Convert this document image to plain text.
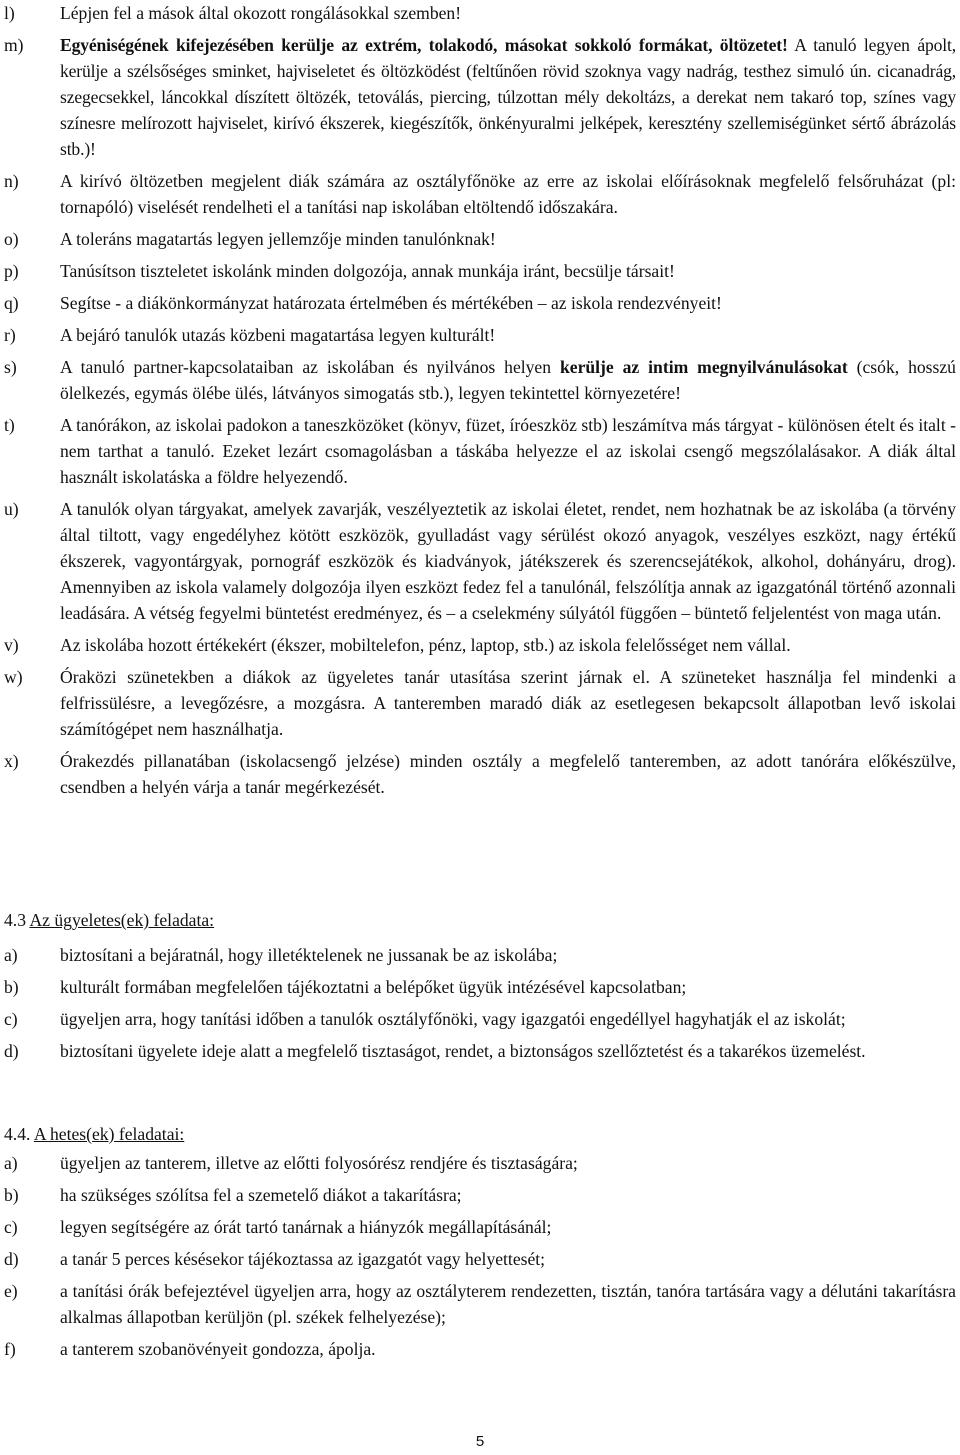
l)	Lépjen fel a mások által okozott rongálásokkal szemben!
m)	Egyéniségének kifejezésében kerülje az extrém, tolakodó, másokat sokkoló formákat, öltözetet! A tanuló legyen ápolt, kerülje a szélsőséges sminket, hajviseletet és öltözködést (feltűnően rövid szoknya vagy nadrág, testhez simuló ún. cicanadrág, szegecsekkel, láncokkal díszített öltözék, tetoválás, piercing, túlzottan mély dekoltázs, a derekat nem takaró top, színes vagy színesre melírozott hajviselet, kirívó ékszerek, kiegészítők, önkényuralmi jelképek, keresztény szellemiségünket sértő ábrázolás stb.)!
n)	A kirívó öltözetben megjelent diák számára az osztályfőnöke az erre az iskolai előírásoknak megfelelő felsőruházat (pl: tornapóló) viselését rendelheti el a tanítási nap iskolában eltöltendő időszakára.
o)	A toleráns magatartás legyen jellemzője minden tanulónknak!
p)	Tanúsítson tiszteletet iskolánk minden dolgozója, annak munkája iránt, becsülje társait!
q)	Segítse - a diákönkormányzat határozata értelmében és mértékében – az iskola rendezvényeit!
r)	A bejáró tanulók utazás közbeni magatartása legyen kulturált!
s)	A tanuló partner-kapcsolataiban az iskolában és nyilvános helyen kerülje az intim megnyilvánulásokat (csók, hosszú ölelkezés, egymás ölébe ülés, látványos simogatás stb.), legyen tekintettel környezetére!
t)	A tanórákon, az iskolai padokon a taneszközöket (könyv, füzet, íróeszköz stb) leszámítva más tárgyat - különösen ételt és italt - nem tarthat a tanuló. Ezeket lezárt csomagolásban a táskába helyezze el az iskolai csengő megszólalásakor. A diák által használt iskolatáska a földre helyezendő.
u)	A tanulók olyan tárgyakat, amelyek zavarják, veszélyeztetik az iskolai életet, rendet, nem hozhatnak be az iskolába (a törvény által tiltott, vagy engedélyhez kötött eszközök, gyulladást vagy sérülést okozó anyagok, veszélyes eszközt, nagy értékű ékszerek, vagyontárgyak, pornográf eszközök és kiadványok, játékszerek és szerencsejátékok, alkohol, dohányáru, drog). Amennyiben az iskola valamely dolgozója ilyen eszközt fedez fel a tanulónál, felszólítja annak az igazgatónál történő azonnali leadására. A vétség fegyelmi büntetést eredményez, és – a cselekmény súlyától függően – büntető feljelentést von maga után.
v)	Az iskolába hozott értékekért (ékszer, mobiltelefon, pénz, laptop, stb.) az iskola felelősséget nem vállal.
w)	Óraközi szünetekben a diákok az ügyeletes tanár utasítása szerint járnak el. A szüneteket használja fel mindenki a felfrissülésre, a levegőzésre, a mozgásra. A tanteremben maradó diák az esetlegesen bekapcsolt állapotban levő iskolai számítógépet nem használhatja.
x)	Órakezdés pillanatában (iskolacsengő jelzése) minden osztály a megfelelő tanteremben, az adott tanórára előkészülve, csendben a helyén várja a tanár megérkezését.
4.3 Az ügyeletes(ek) feladata:
a)	biztosítani a bejáratnál, hogy illetéktelenek ne jussanak be az iskolába;
b)	kulturált formában megfelelően tájékoztatni a belépőket ügyük intézésével kapcsolatban;
c)	ügyeljen arra, hogy tanítási időben a tanulók osztályfőnöki, vagy igazgatói engedéllyel hagyhatják el az iskolát;
d)	biztosítani ügyelete ideje alatt a megfelelő tisztaságot, rendet, a biztonságos szellőztetést és a takarékos üzemelést.
4.4. A hetes(ek) feladatai:
a)	ügyeljen az tanterem, illetve az előtti folyosórész rendjére és tisztaságára;
b)	ha szükséges szólítsa fel a szemetelő diákot a takarításra;
c)	legyen segítségére az órát tartó tanárnak a hiányzók megállapításánál;
d)	a tanár 5 perces késésekor tájékoztassa az igazgatót vagy helyettesét;
e)	a tanítási órák befejeztével ügyeljen arra, hogy az osztályterem rendezetten, tisztán, tanóra tartására vagy a délutáni takarításra alkalmas állapotban kerüljön (pl. székek felhelyezése);
f)	a tanterem szobanövényeit gondozza, ápolja.
5
